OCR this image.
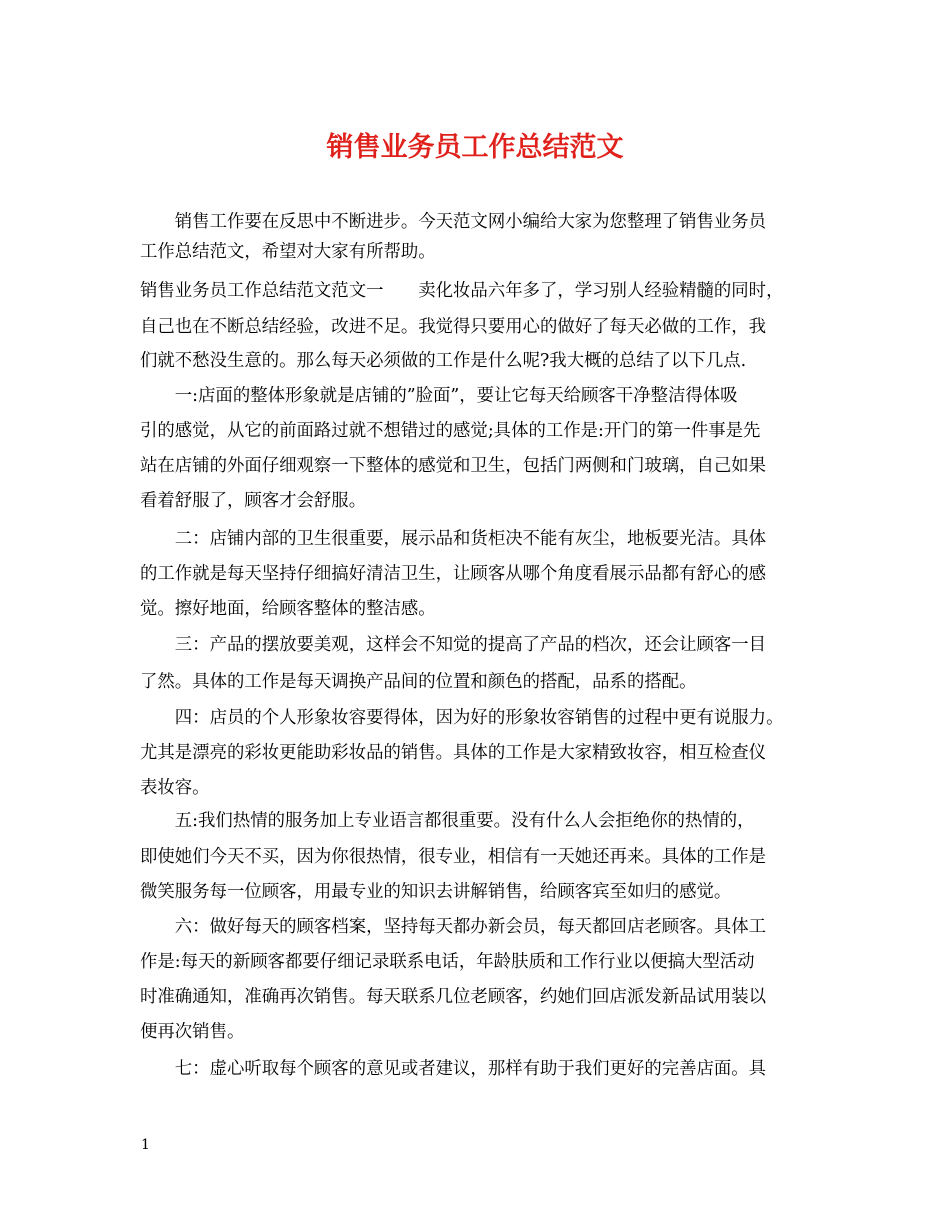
销售业务员工作总结范文
　　销售工作要在反思中不断进步。今天范文网小编给大家为您整理了销售业务员
工作总结范文，希望对大家有所帮助。
销售业务员工作总结范文范文一　　卖化妆品六年多了，学习别人经验精髓的同时，
自己也在不断总结经验，改进不足。我觉得只要用心的做好了每天必做的工作，我
们就不愁没生意的。那么每天必须做的工作是什么呢?我大概的总结了以下几点.
　　一:店面的整体形象就是店铺的”脸面”，要让它每天给顾客干净整洁得体吸
引的感觉，从它的前面路过就不想错过的感觉;具体的工作是:开门的第一件事是先
站在店铺的外面仔细观察一下整体的感觉和卫生，包括门两侧和门玻璃，自己如果
看着舒服了，顾客才会舒服。
　　二：店铺内部的卫生很重要，展示品和货柜决不能有灰尘，地板要光洁。具体
的工作就是每天坚持仔细搞好清洁卫生，让顾客从哪个角度看展示品都有舒心的感
觉。擦好地面，给顾客整体的整洁感。
　　三：产品的摆放要美观，这样会不知觉的提高了产品的档次，还会让顾客一目
了然。具体的工作是每天调换产品间的位置和颜色的搭配，品系的搭配。
　　四：店员的个人形象妆容要得体，因为好的形象妆容销售的过程中更有说服力。
尤其是漂亮的彩妆更能助彩妆品的销售。具体的工作是大家精致妆容，相互检查仪
表妆容。
　　五:我们热情的服务加上专业语言都很重要。没有什么人会拒绝你的热情的，
即使她们今天不买，因为你很热情，很专业，相信有一天她还再来。具体的工作是
微笑服务每一位顾客，用最专业的知识去讲解销售，给顾客宾至如归的感觉。
　　六：做好每天的顾客档案，坚持每天都办新会员，每天都回店老顾客。具体工
作是:每天的新顾客都要仔细记录联系电话，年龄肤质和工作行业以便搞大型活动
时准确通知，准确再次销售。每天联系几位老顾客，约她们回店派发新品试用装以
便再次销售。
　　七：虚心听取每个顾客的意见或者建议，那样有助于我们更好的完善店面。具
1
